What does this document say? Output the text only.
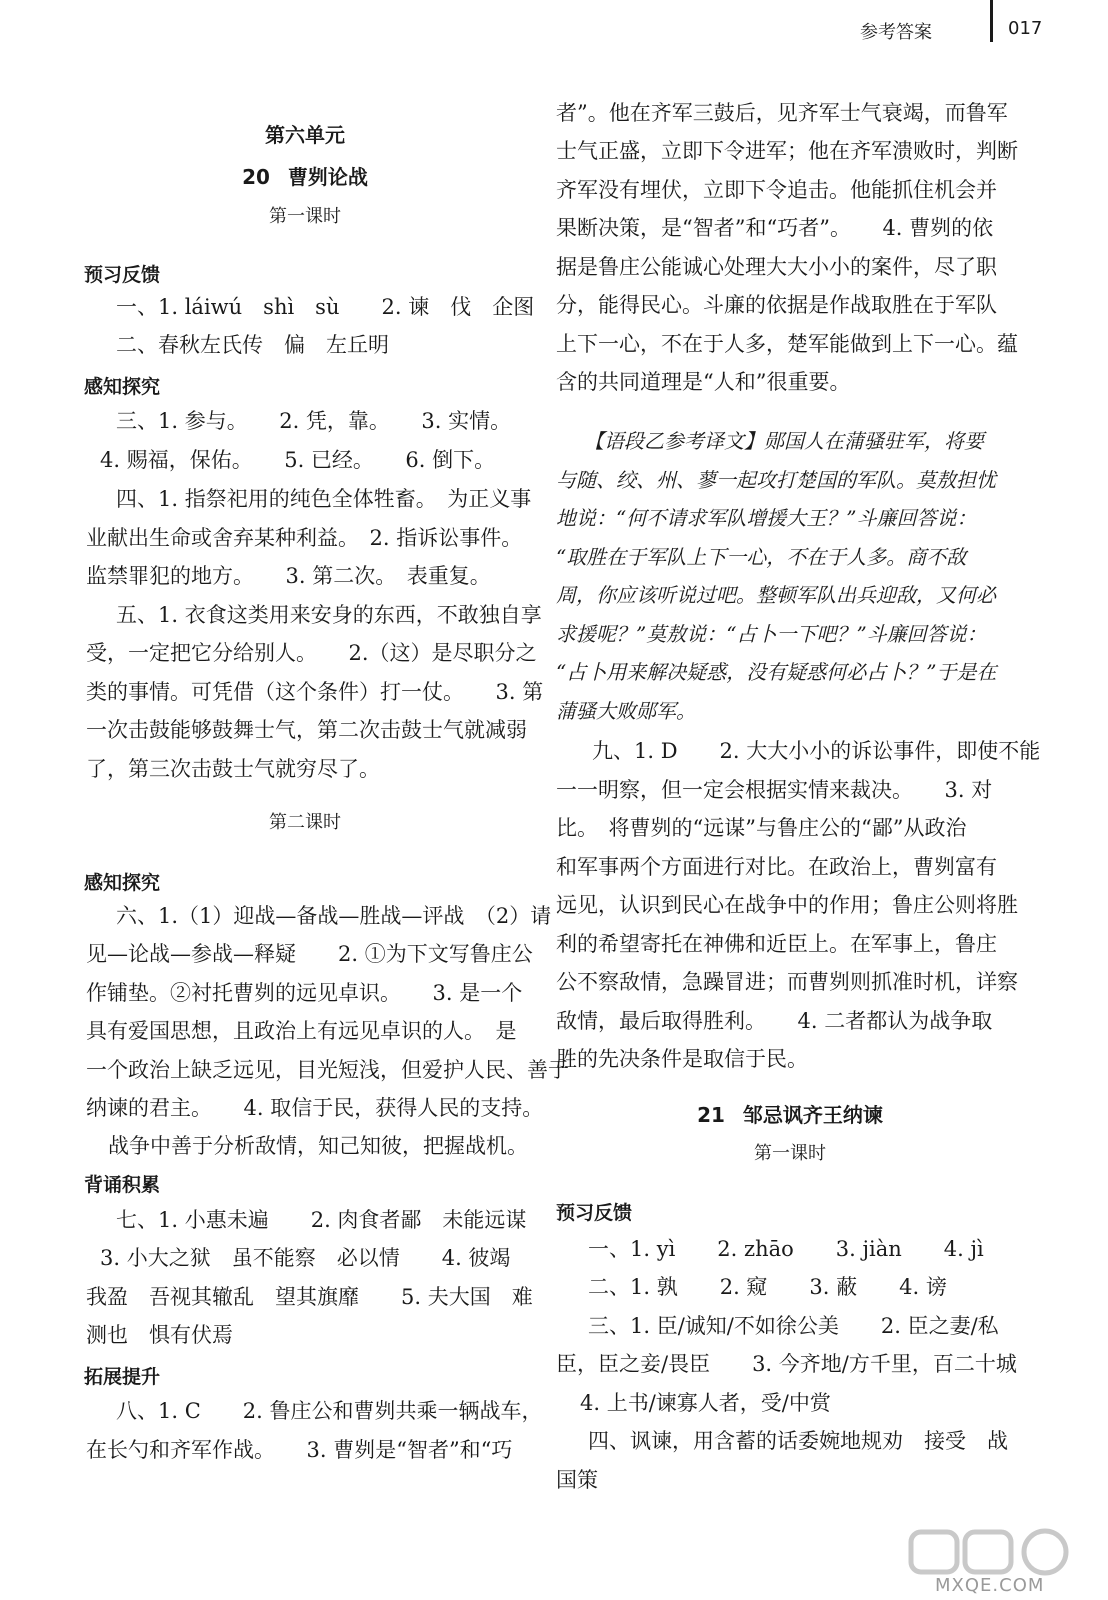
参考答案	017
第六单元
20 曹刿论战
第一课时
预习反馈
一、1. láiwú　shì　sù　　2. 谏　伐　企图
二、春秋左氏传　偏　左丘明
感知探究
三、1. 参与。　　2. 凭，靠。　　3. 实情。
4. 赐福，保佑。　　5. 已经。　　6. 倒下。
四、1. 指祭祀用的纯色全体牲畜。　为正义事
业献出生命或舍弃某种利益。　2. 指诉讼事件。
监禁罪犯的地方。　　3. 第二次。　表重复。
五、1. 衣食这类用来安身的东西，不敢独自享
受，一定把它分给别人。　　2.（这）是尽职分之
类的事情。可凭借（这个条件）打一仗。　　3. 第
一次击鼓能够鼓舞士气，第二次击鼓士气就减弱
了，第三次击鼓士气就穷尽了。
第二课时
感知探究
六、1.（1）迎战—备战—胜战—评战　（2）请
见—论战—参战—释疑　　2. ①为下文写鲁庄公
作铺垫。②衬托曹刿的远见卓识。　　3. 是一个
具有爱国思想，且政治上有远见卓识的人。　是
一个政治上缺乏远见，目光短浅，但爱护人民、善于
纳谏的君主。　　4. 取信于民，获得人民的支持。
战争中善于分析敌情，知己知彼，把握战机。
背诵积累
七、1. 小惠未遍　　2. 肉食者鄙　未能远谋
3. 小大之狱　虽不能察　必以情　　4. 彼竭
我盈　吾视其辙乱　望其旗靡　　5. 夫大国　难
测也　惧有伏焉
拓展提升
八、1. C　　2. 鲁庄公和曹刿共乘一辆战车，
在长勺和齐军作战。　　3. 曹刿是“智者”和“巧
者”。他在齐军三鼓后，见齐军士气衰竭，而鲁军
士气正盛，立即下令进军；他在齐军溃败时，判断
齐军没有埋伏，立即下令追击。他能抓住机会并
果断决策，是“智者”和“巧者”。　　4. 曹刿的依
据是鲁庄公能诚心处理大大小小的案件，尽了职
分，能得民心。斗廉的依据是作战取胜在于军队
上下一心，不在于人多，楚军能做到上下一心。蕴
含的共同道理是“人和”很重要。
【语段乙参考译文】郧国人在蒲骚驻军，将要
与随、绞、州、蓼一起攻打楚国的军队。莫敖担忧
地说：“何不请求军队增援大王？”斗廉回答说：
“取胜在于军队上下一心，不在于人多。商不敌
周，你应该听说过吧。整顿军队出兵迎敌，又何必
求援呢？”莫敖说：“占卜一下吧？”斗廉回答说：
“占卜用来解决疑惑，没有疑惑何必占卜？”于是在
蒲骚大败郧军。
九、1. D　　2. 大大小小的诉讼事件，即使不能
一一明察，但一定会根据实情来裁决。　　3. 对
比。　将曹刿的“远谋”与鲁庄公的“鄙”从政治
和军事两个方面进行对比。在政治上，曹刿富有
远见，认识到民心在战争中的作用；鲁庄公则将胜
利的希望寄托在神佛和近臣上。在军事上，鲁庄
公不察敌情，急躁冒进；而曹刿则抓准时机，详察
敌情，最后取得胜利。　　4. 二者都认为战争取
胜的先决条件是取信于民。
21 邹忌讽齐王纳谏
第一课时
预习反馈
一、1. yì　　2. zhāo　　3. jiàn　　4. jì
二、1. 孰　　2. 窥　　3. 蔽　　4. 谤
三、1. 臣/诚知/不如徐公美　　2. 臣之妻/私
臣，臣之妾/畏臣　　3. 今齐地/方千里，百二十城
4. 上书/谏寡人者，受/中赏
四、讽谏，用含蓄的话委婉地规劝　接受　战
国策
MXQE.COM
